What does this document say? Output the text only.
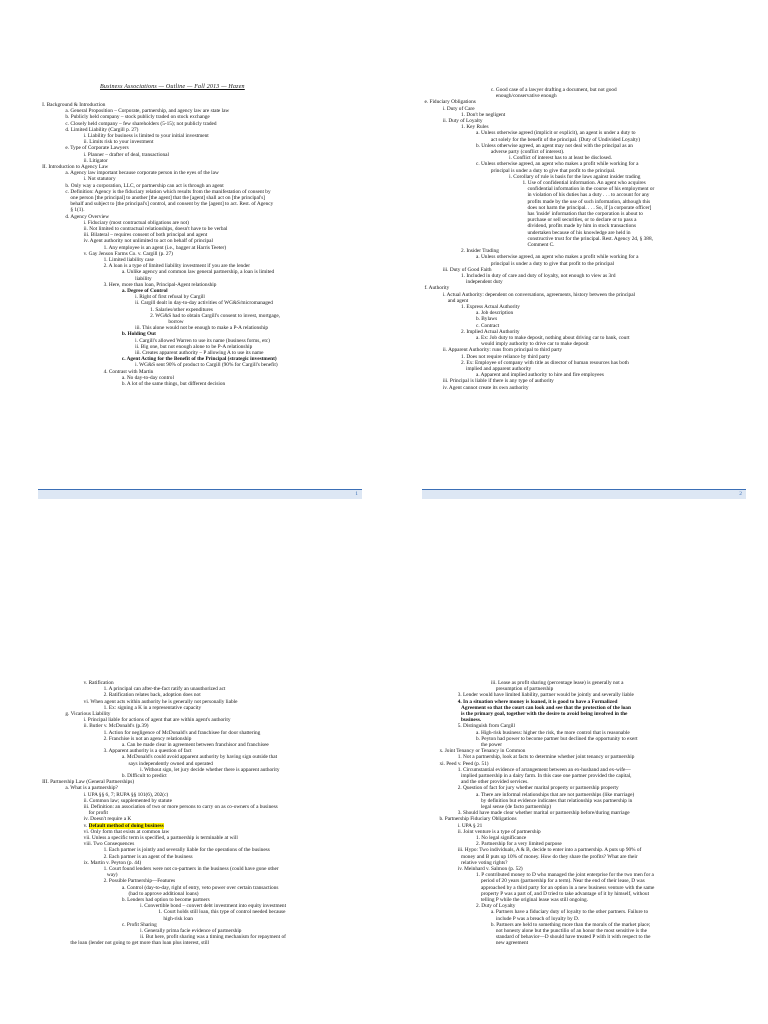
Business Associations — Outline — Fall 2013 — Hazen
I. Background & Introduction
a. General Proposition – Corporate, partnership, and agency law are state law
b. Publicly held company – stock publicly traded on stock exchange
c. Closely held company – few shareholders (5-15); not publicly traded
d. Limited Liability (Cargill p. 27)
i. Liability for business is limited to your initial investment
ii. Limits risk to your investment
e. Type of Corporate Lawyers
i. Planner – drafter of deal, transactional
ii. Litigator
II. Introduction to Agency Law
a. Agency law important because corporate person in the eyes of the law
i. Not statutory
b. Only way a corporation, LLC, or partnership can act is through an agent
c. Definition: Agency is the fiduciary relation which results from the manifestation of consent by
one person [the principal] to another [the agent] that the [agent] shall act on [the principal's]
behalf and subject to [the principal's] control, and consent by the [agent] to act. Rest. of Agency
§ 1(1).
d. Agency Overview
i. Fiduciary (most contractual obligations are not)
ii. Not limited to contractual relationships, doesn't have to be verbal
iii. Bilateral – requires consent of both principal and agent
iv. Agent authority not unlimited to act on behalf of principal
1. Any employee is an agent (i.e., bagger at Harris Teeter)
v. Gay Jenson Farms Co. v. Cargill (p. 27)
1. Limited liability case
2. A loan is a type of limited liability investment if you are the lender
a. Unlike agency and common law general partnership, a loan is limited
liability
3. Here, more than loan, Principal-Agent relationship
a. Degree of Control
i. Right of first refusal by Cargill
ii. Cargill dealt in day-to-day activities of WG&S/micromanaged
1. Salaries/other expenditures
2. WG&S had to obtain Cargill's consent to invest, mortgage,
borrow
iii. This alone would not be enough to make a P-A relationship
b. Holding Out
i. Cargill's allowed Warren to use its name (business forms, etc)
ii. Big one, but not enough alone to be P-A relationship
iii. Creates apparent authority – P allowing A to use its name
c. Agent Acting for the Benefit of the Principal (strategic investment)
i. WG&S sent 90% of product to Cargill (90% for Cargill's benefit)
4. Contrast with Martin
a. No day-to-day control
b. A lot of the same things, but different decision
1
c. Good case of a lawyer drafting a document, but not good
enough/conservative enough
e. Fiduciary Obligations
i. Duty of Care
1. Don't be negligent
ii. Duty of Loyalty
1. Key Rules
a. Unless otherwise agreed (implicit or explicit), an agent is under a duty to
act solely for the benefit of the principal. (Duty of Undivided Loyalty)
b. Unless otherwise agreed, an agent may not deal with the principal as an
adverse party (conflict of interest).
i. Conflict of interest has to at least be disclosed.
c. Unless otherwise agreed, an agent who makes a profit while working for a
principal is under a duty to give that profit to the principal.
i. Corollary of rule is basis for the laws against insider trading
1. Use of confidential information. An agent who acquires
confidential information in the course of his employment or
in violation of his duties has a duty . . . to account for any
profits made by the use of such information, although this
does not harm the principal. . . . So, if [a corporate officer]
has 'inside' information that the corporation is about to
purchase or sell securities, or to declare or to pass a
dividend, profits made by him in stock transactions
undertaken because of his knowledge are held in
constructive trust for the principal. Rest. Agency 2d, § 388,
Comment C.
2. Insider Trading
a. Unless otherwise agreed, an agent who makes a profit while working for a
principal is under a duty to give that profit to the principal
iii. Duty of Good Faith
1. Included in duty of care and duty of loyalty, not enough to view as 3rd
independent duty
f. Authority
i. Actual Authority: dependent on conversations, agreements, history between the principal
and agent
1. Express Actual Authority
a. Job description
b. Bylaws
c. Contract
2. Implied Actual Authority
a. Ex: Job duty to make deposit, nothing about driving car to bank, court
would imply authority to drive car to make deposit
ii. Apparent Authority: runs from principal to third party
1. Does not require reliance by third party
2. Ex: Employee of company with title as director of human resources has both
implied and apparent authority
a. Apparent and implied authority to hire and fire employees
iii. Principal is liable if there is any type of authority
iv. Agent cannot create its own authority
2
v. Ratification
1. A principal can after-the-fact ratify an unauthorized act
2. Ratification relates back, adoption does not
vi. When agent acts within authority he is generally not personally liable
1. Ex: signing a K in a representative capacity
g. Vicarious Liability
i. Principal liable for actions of agent that are within agent's authority
ii. Butler v. McDonald's (p.39)
1. Action for negligence of McDonald's and franchisee for door shattering
2. Franchise is not an agency relationship
a. Can be made clear in agreement between franchisor and franchisee
3. Apparent authority is a question of fact
a. McDonald's could avoid apparent authority by having sign outside that
says independently owned and operated
i. Without sign, let jury decide whether there is apparent authority
b. Difficult to predict
III. Partnership Law (General Partnerships)
a. What is a partnership?
i. UPA §§ 6, 7; RUPA §§ 101(6), 202(c)
ii. Common law; supplemented by statute
iii. Definition: an association of two or more persons to carry on as co-owners of a business
for profit
iv. Doesn't require a K
v. Default method of doing business
vi. Only form that exists at common law
vii. Unless a specific term is specified, a partnership is terminable at will
viii. Two Consequences
1. Each partner is jointly and severally liable for the operations of the business
2. Each partner is an agent of the business
ix. Martin v. Peyton (p. 44)
1. Court found lenders were not co-partners in the business (could have gone other
way)
2. Possible Partnership—Features
a. Control (day-to-day, right of entry, veto power over certain transactions
(had to approve additional loans)
b. Lenders had option to become partners
i. Convertible bond – convert debt investment into equity investment
1. Court holds still loan, this type of control needed because
high-risk loan
c. Profit Sharing
i. Generally prima facie evidence of partnership
ii. But here, profit sharing was a timing mechanism for repayment of
the loan (lender not going to get more than loan plus interest, still
iii. Lease as profit sharing (percentage lease) is generally not a
presumption of partnership
3. Lender would have limited liability, partner would be jointly and severally liable
4. In a situation where money is loaned, it is good to have a Formalized
Agreement so that the court can look and see that the protection of the loan
is the primary goal, together with the desire to avoid being involved in the
business.
5. Distinguish from Cargill
a. High-risk business: higher the risk, the more control that is reasonable
b. Peyton had power to become partner but declined the opportunity to exert
the power
x. Joint Tenancy or Tenancy in Common
1. Not a partnership, look at facts to determine whether joint tenancy or partnership
xi. Peed v. Peed (p. 51)
1. Circumstantial evidence of arrangement between an ex-husband and ex-wife—
implied partnership in a dairy farm. In this case one partner provided the capital,
and the other provided services.
2. Question of fact for jury whether marital property or partnership property
a. There are informal relationships that are not partnerships (like marriage)
by definition but evidence indicates that relationship was partnership in
legal sense (de facto partnership)
3. Should have made clear whether marital or partnership before/during marriage
b. Partnership Fiduciary Obligations
i. UPA § 21
ii. Joint venture is a type of partnership
1. No legal significance
2. Partnership for a very limited purpose
iii. Hypo: Two individuals, A & B, decide to enter into a partnership. A puts up 90% of
money and B puts up 10% of money. How do they share the profits? What are their
relative voting rights?
iv. Meinhard v. Salmon (p. 52)
1. P contributed money to D who managed the joint enterprise for the two men for a
period of 20 years (partnership for a term). Near the end of their lease, D was
approached by a third party for an option in a new business venture with the same
property P was a part of, and D tried to take advantage of it by himself, without
telling P while the original lease was still ongoing.
2. Duty of Loyalty
a. Partners have a fiduciary duty of loyalty to the other partners. Failure to
include P was a breach of loyalty by D.
b. Partners are held to something more than the morals of the market place;
not honesty alone but the punctilio of an honor the most sensitive is the
standard of behavior—D should have treated P with it with respect to the
new agreement
